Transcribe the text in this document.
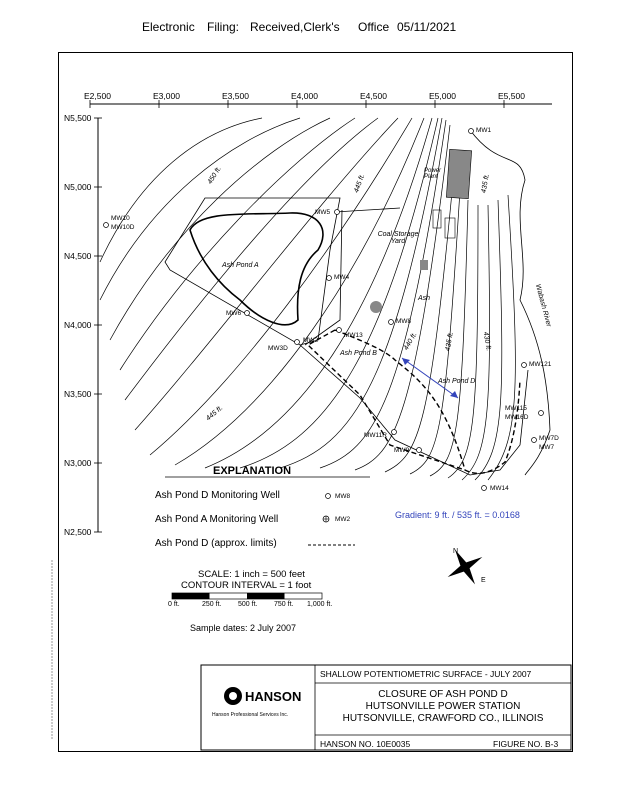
Electronic Filing: Received,Clerk's Office 05/11/2021
E2,500	E3,000	E3,500	E4,000	E4,500	E5,000	E5,500
N5,500
N5,000
N4,500
N4,000
N3,500
N3,000
N2,500
450 ft.	445 ft.
445 ft.
435 ft.	430 ft.
435 ft.
440 ft.
Ash Pond A
Ash Pond B
Ash Pond D
Coal Storage Yard
Power Plant
Ash	Wabash River
MW1
MW10
MW10D
MW5
MW4
MW6
MW2
MW3D
MW13
MW8
MW121
MW11R
MW9
MW14
MW115
MW16D
MW7D
MW7
Gradient: 9 ft. / 535 ft. = 0.0168
N
E
EXPLANATION
Ash Pond D Monitoring Well	MW8
Ash Pond A Monitoring Well	MW2
Ash Pond D (approx. limits)
SCALE: 1 inch = 500 feet
CONTOUR INTERVAL = 1 foot
0 ft.	250 ft. 500 ft. 750 ft. 1,000 ft.
Sample dates: 2 July 2007
SHALLOW POTENTIOMETRIC SURFACE - JULY 2007
CLOSURE OF ASH POND D
HUTSONVILLE POWER STATION
HUTSONVILLE, CRAWFORD CO., ILLINOIS
HANSON
Hanson Professional Services Inc.
HANSON NO. 10E0035	FIGURE NO. B-3
